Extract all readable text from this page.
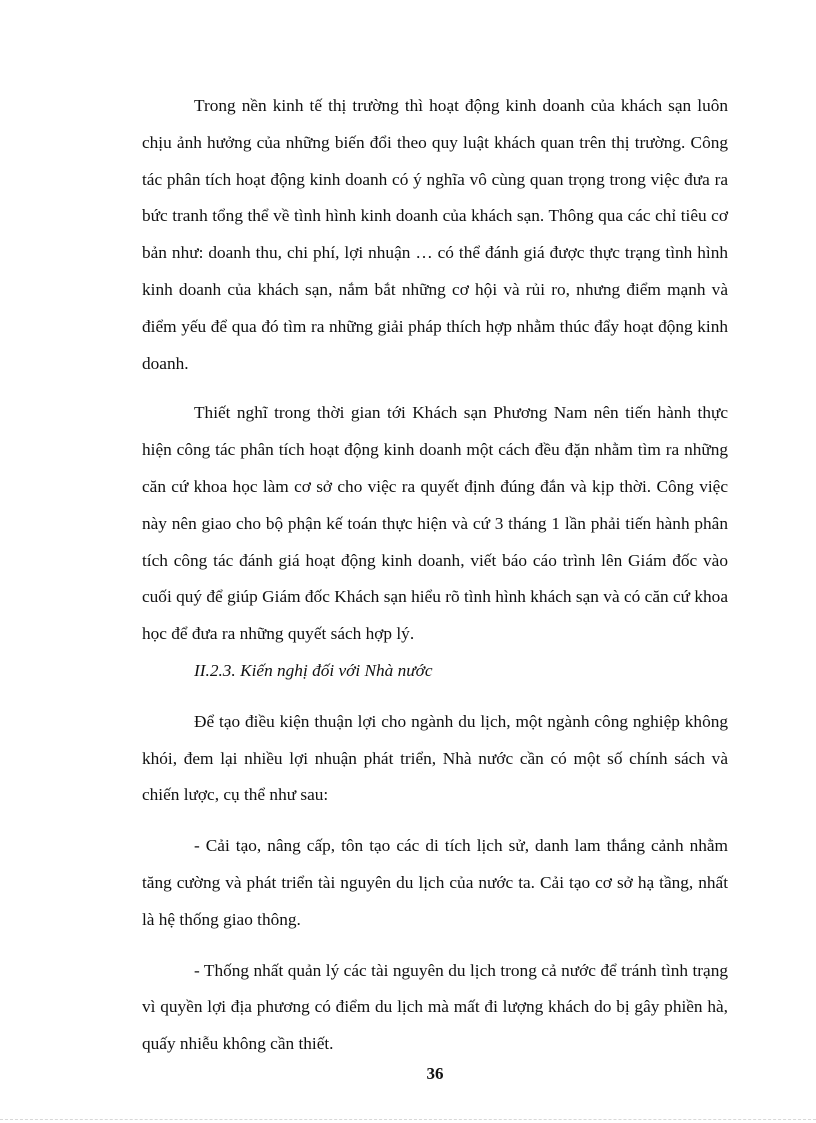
Trong nền kinh tế thị trường thì hoạt động kinh doanh của khách sạn luôn chịu ảnh hưởng của những biến đổi theo quy luật khách quan trên thị trường. Công tác phân tích hoạt động kinh doanh có ý nghĩa vô cùng quan trọng trong việc đưa ra bức tranh tổng thể về tình hình kinh doanh của khách sạn. Thông qua các chỉ tiêu cơ bản như: doanh thu, chi phí, lợi nhuận … có thể đánh giá được thực trạng tình hình kinh doanh của khách sạn, nắm bắt những cơ hội và rủi ro, nhưng điểm mạnh và điểm yếu để qua đó tìm ra những giải pháp thích hợp nhằm thúc đẩy hoạt động kinh doanh.

Thiết nghĩ trong thời gian tới Khách sạn Phương Nam nên tiến hành thực hiện công tác phân tích hoạt động kinh doanh một cách đều đặn nhằm tìm ra những căn cứ khoa học làm cơ sở cho việc ra quyết định đúng đắn và kịp thời. Công việc này nên giao cho bộ phận kế toán thực hiện và cứ 3 tháng 1 lần phải tiến hành phân tích công tác đánh giá hoạt động kinh doanh, viết báo cáo trình lên Giám đốc vào cuối quý để giúp Giám đốc Khách sạn hiểu rõ tình hình khách sạn và có căn cứ khoa học để đưa ra những quyết sách hợp lý.

II.2.3. Kiến nghị đối với Nhà nước

Để tạo điều kiện thuận lợi cho ngành du lịch, một ngành công nghiệp không khói, đem lại nhiều lợi nhuận phát triển, Nhà nước cần có một số chính sách và chiến lược, cụ thể như sau:

- Cải tạo, nâng cấp, tôn tạo các di tích lịch sử, danh lam thắng cảnh nhằm tăng cường và phát triển tài nguyên du lịch của nước ta. Cải tạo cơ sở hạ tầng, nhất là hệ thống giao thông.

- Thống nhất quản lý các tài nguyên du lịch trong cả nước để tránh tình trạng vì quyền lợi địa phương có điểm du lịch mà mất đi lượng khách do bị gây phiền hà, quấy nhiễu không cần thiết.

36
